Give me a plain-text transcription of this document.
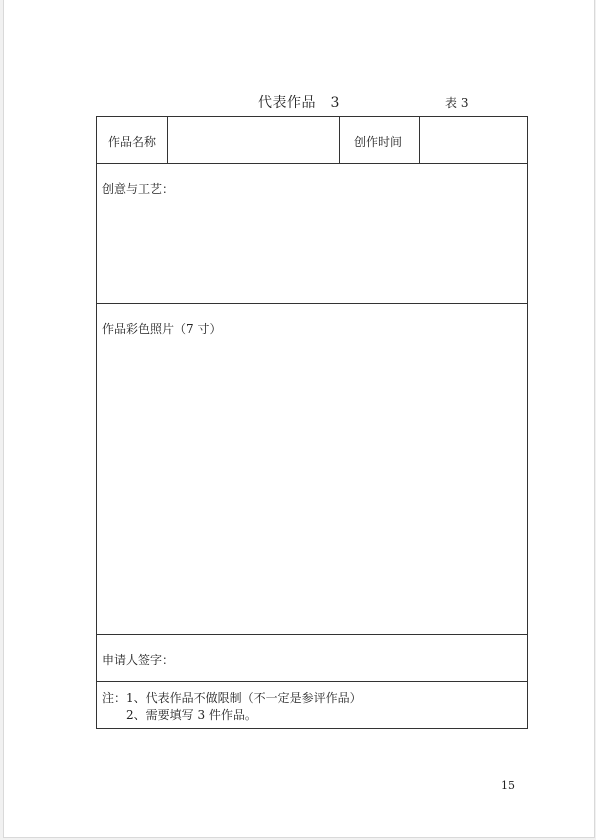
代表作品　3	表 3
作品名称	创作时间
创意与工艺：
作品彩色照片（7 寸）
申请人签字：
注：1、代表作品不做限制（不一定是参评作品）
2、需要填写 3 件作品。
15
